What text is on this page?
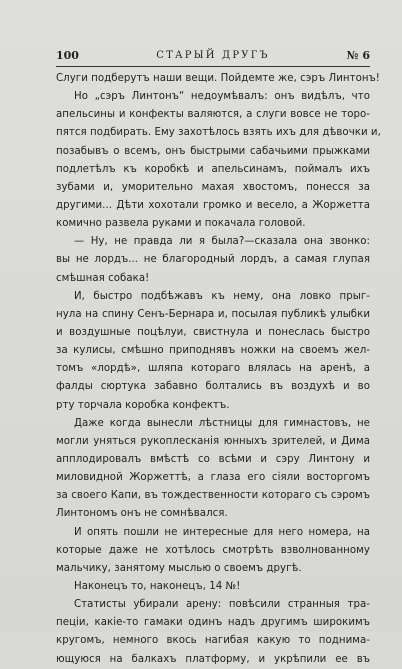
100	СТАРЫЙ ДРУГЪ	№ 6
Слуги подберутъ наши вещи. Пойдемте же, сэръ Линтонъ!
Но „сэръ Линтонъ“ недоумѣвалъ: онъ видѣлъ, что
апельсины и конфекты валяются, а слуги вовсе не торо-
пятся подбирать. Ему захотѣлось взять ихъ для дѣвочки и,
позабывъ о всемъ, онъ быстрыми сабачьими прыжками
подлетѣлъ къ коробкѣ и апельсинамъ, поймалъ ихъ
зубами и, уморительно махая хвостомъ, понесся за
другими... Дѣти хохотали громко и весело, а Жоржетта
комично развела руками и покачала головой.
— Ну, не правда ли я была?—сказала она звонко:
вы не лордъ... не благородный лордъ, а самая глупая
смѣшная собака!
И, быстро подбѣжавъ къ нему, она ловко прыг-
нула на спину Сенъ-Бернара и, посылая публикѣ улыбки
и воздушные поцѣлуи, свистнула и понеслась быстро
за кулисы, смѣшно приподнявъ ножки на своемъ жел-
томъ «лордѣ», шляпа котораго влялась на аренѣ, а
фалды сюртука забавно болтались въ воздухѣ и во
рту торчала коробка конфектъ.
Даже когда вынесли лѣстницы для гимнастовъ, не
могли уняться рукоплесканія юнныхъ зрителей, и Дима
апплодировалъ вмѣстѣ со всѣми и сэру Линтону и
миловидной Жоржеттѣ, а глаза его сіяли восторгомъ
за своего Капи, въ тождественности котораго съ сэромъ
Линтономъ онъ не сомнѣвался.
И опять пошли не интересные для него номера, на
которые даже не хотѣлось смотрѣть взволнованному
мальчику, занятому мыслью о своемъ другѣ.
Наконецъ то, наконецъ, 14 №!
Статисты убирали арену: повѣсили странныя тра-
пеціи, какіе-то гамаки одинъ надъ другимъ широкимъ
кругомъ, немного вкось нагибая какую то поднима-
ющуюся на балкахъ платформу, и укрѣпили ее въ
